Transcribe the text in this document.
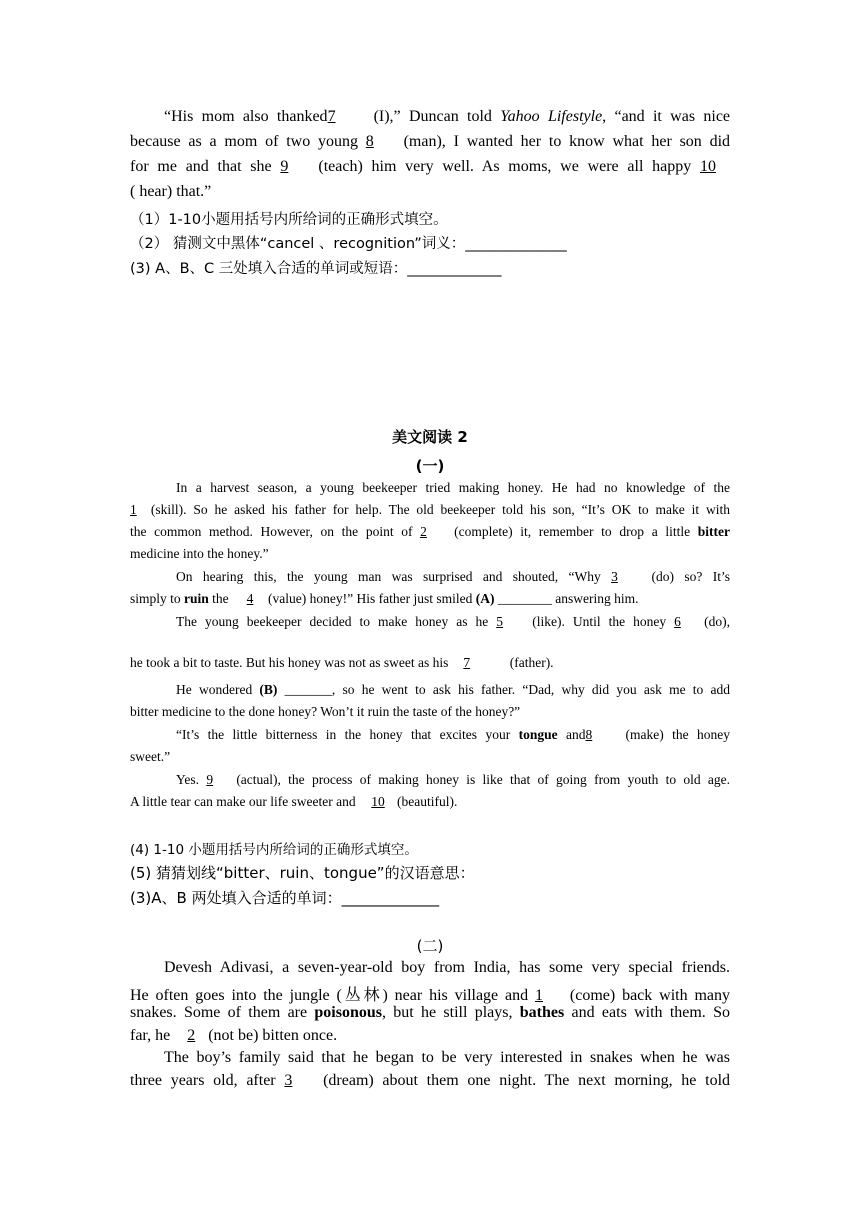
“His mom also thanked7 (I),” Duncan told Yahoo Lifestyle, “and it was nice
because as a mom of two young 8 (man), I wanted her to know what her son did
for me and that she 9 (teach) him very well. As moms, we were all happy 10
( hear) that.”
（1）1-10小题用括号内所给词的正确形式填空。
（2） 猜测文中黑体“cancel 、recognition”词义：______________
(3) A、B、C 三处填入合适的单词或短语：_____________
美文阅读 2
(一)
In a harvest season, a young beekeeper tried making honey. He had no knowledge of the
1 (skill). So he asked his father for help. The old beekeeper told his son, “It’s OK to make it with
the common method. However, on the point of 2 (complete) it, remember to drop a little bitter
medicine into the honey.”
On hearing this, the young man was surprised and shouted, “Why 3 (do) so? It’s
simply to ruin the 4 (value) honey!” His father just smiled (A) ________ answering him.
The young beekeeper decided to make honey as he 5 (like). Until the honey 6 (do),
he took a bit to taste. But his honey was not as sweet as his 7	(father).
He wondered (B) _______, so he went to ask his father. “Dad, why did you ask me to add
bitter medicine to the done honey? Won’t it ruin the taste of the honey?”
“It’s the little bitterness in the honey that excites your tongue and8 (make) the honey
sweet.”
Yes. 9 (actual), the process of making honey is like that of going from youth to old age.
A little tear can make our life sweeter and 10 (beautiful).
(4) 1-10 小题用括号内所给词的正确形式填空。
(5) 猜猜划线“bitter、ruin、tongue”的汉语意思：
(3)A、B 两处填入合适的单词：_____________
(二)
Devesh Adivasi, a seven-year-old boy from India, has some very special friends.
He often goes into the jungle (丛林) near his village and 1 (come) back with many
snakes. Some of them are poisonous, but he still plays, bathes and eats with them. So
far, he 2 (not be) bitten once.
The boy’s family said that he began to be very interested in snakes when he was
three years old, after 3 (dream) about them one night. The next morning, he told
